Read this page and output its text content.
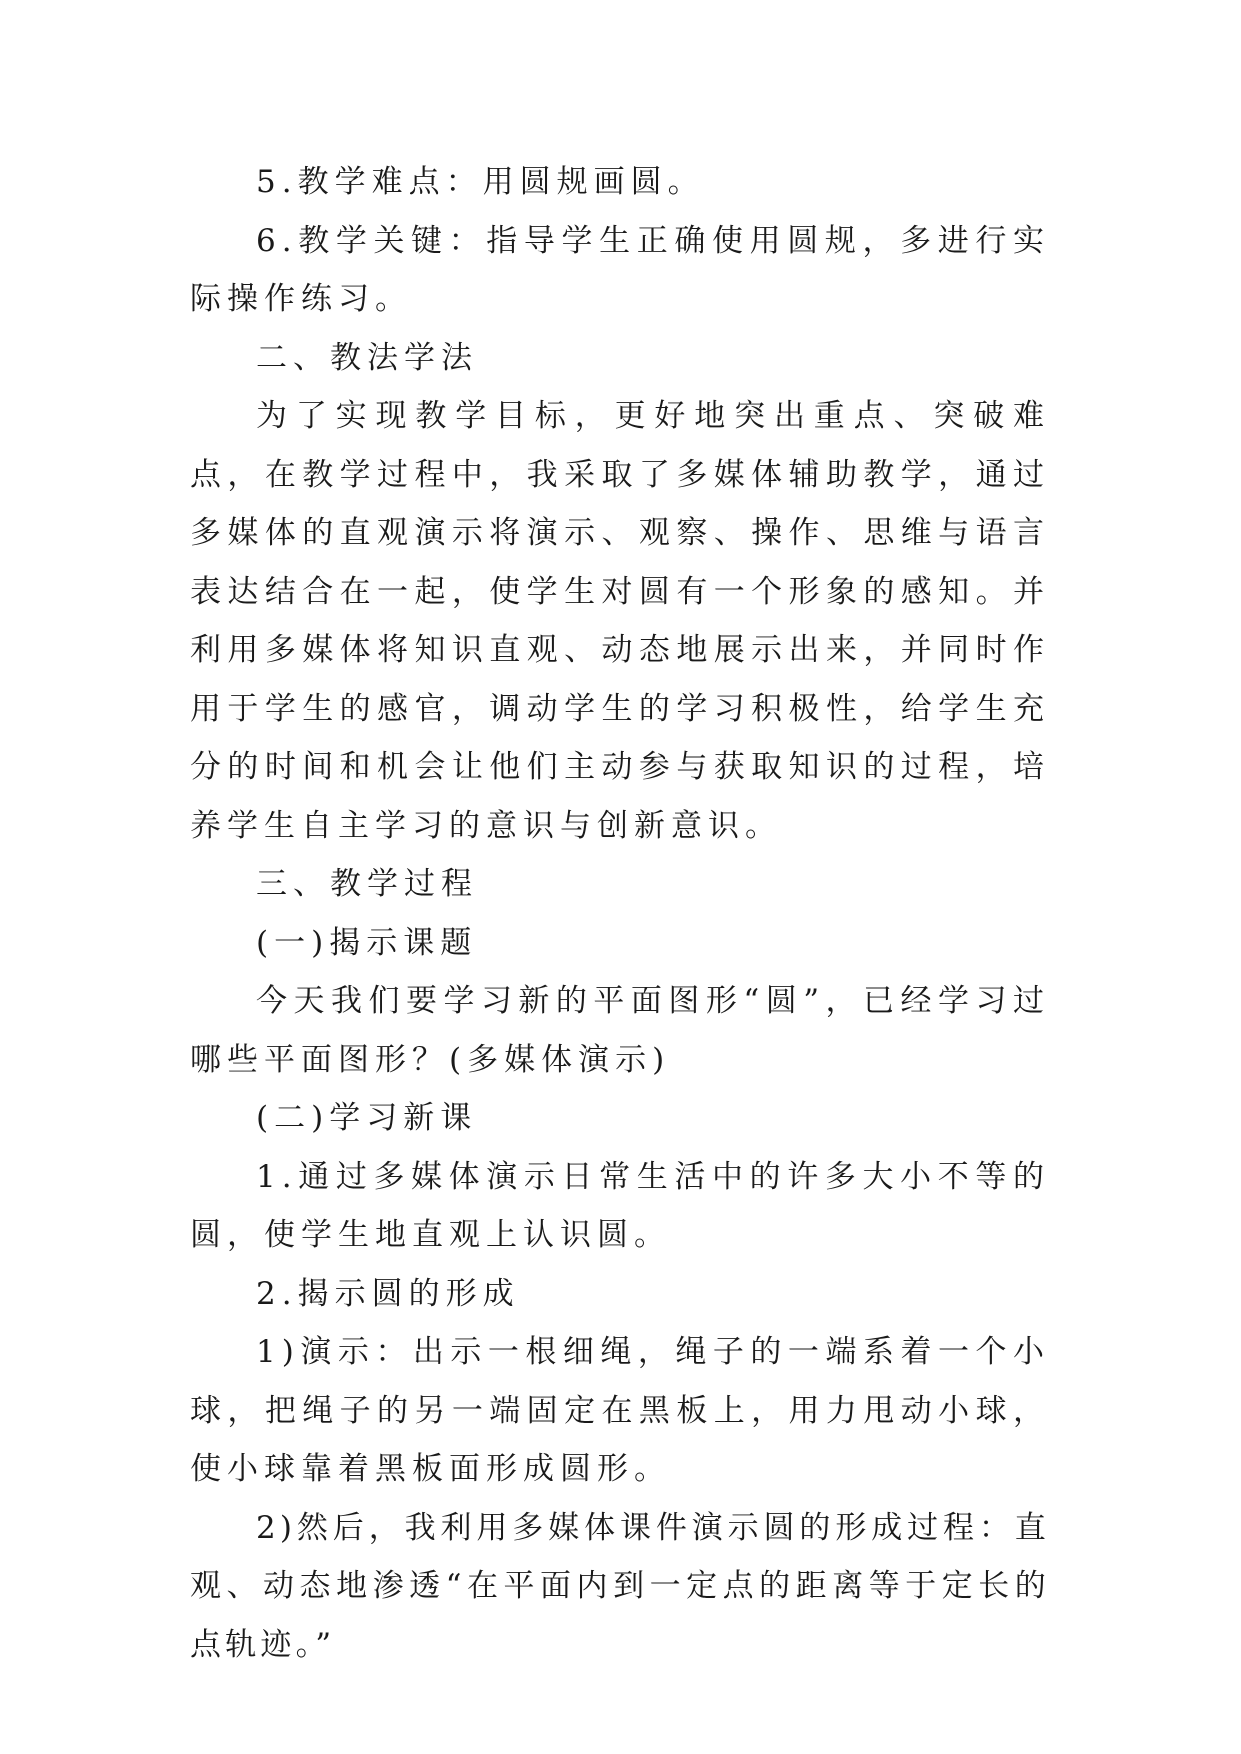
5.教学难点：用圆规画圆。

6.教学关键：指导学生正确使用圆规，多进行实际操作练习。

二、教法学法

为了实现教学目标，更好地突出重点、突破难点，在教学过程中，我采取了多媒体辅助教学，通过多媒体的直观演示将演示、观察、操作、思维与语言表达结合在一起，使学生对圆有一个形象的感知。并利用多媒体将知识直观、动态地展示出来，并同时作用于学生的感官，调动学生的学习积极性，给学生充分的时间和机会让他们主动参与获取知识的过程，培养学生自主学习的意识与创新意识。

三、教学过程

(一)揭示课题

今天我们要学习新的平面图形“圆”，已经学习过哪些平面图形？(多媒体演示)

(二)学习新课

1.通过多媒体演示日常生活中的许多大小不等的圆，使学生地直观上认识圆。

2.揭示圆的形成

1)演示：出示一根细绳，绳子的一端系着一个小球，把绳子的另一端固定在黑板上，用力甩动小球，使小球靠着黑板面形成圆形。

2)然后，我利用多媒体课件演示圆的形成过程：直观、动态地渗透“在平面内到一定点的距离等于定长的点轨迹。”
